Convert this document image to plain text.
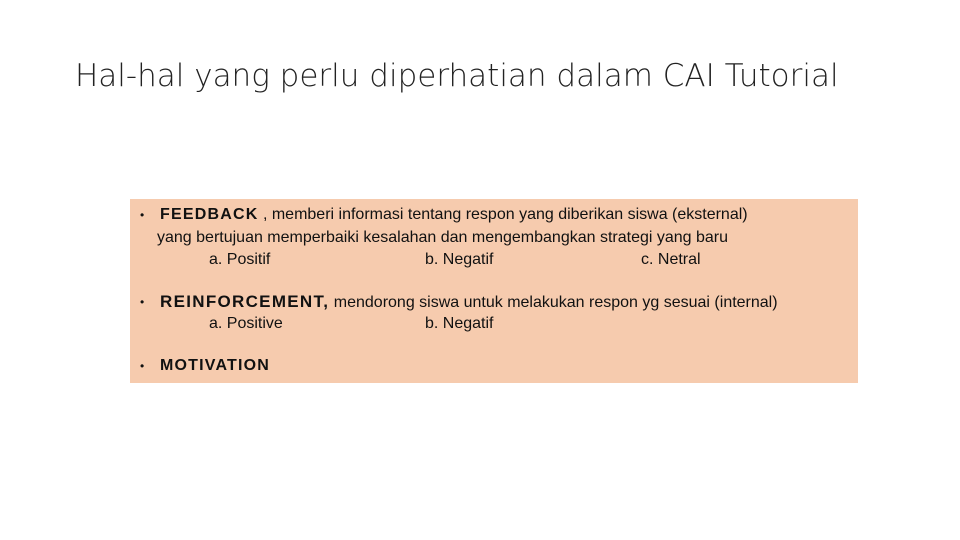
Hal-hal yang perlu diperhatian dalam CAI Tutorial
• FEEDBACK , memberi informasi tentang respon yang diberikan siswa (eksternal)
yang bertujuan memperbaiki kesalahan dan mengembangkan strategi yang baru
a. Positif	b. Negatif	c. Netral
• REINFORCEMENT, mendorong siswa untuk melakukan respon yg sesuai (internal)
a. Positive	b. Negatif
• MOTIVATION
